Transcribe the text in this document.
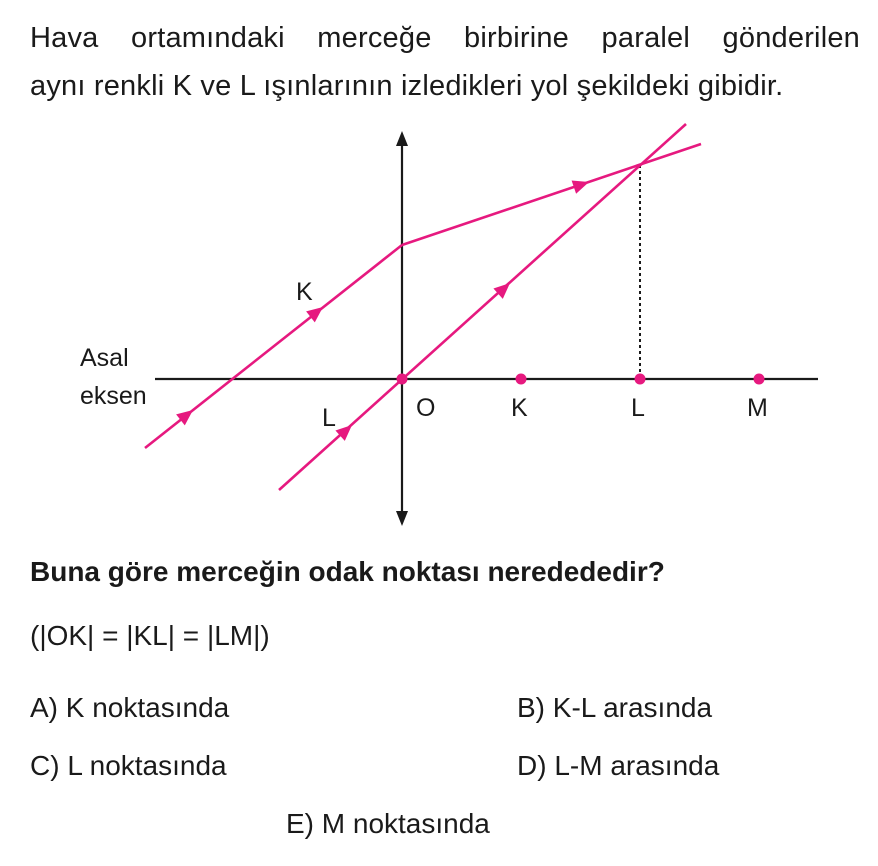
Hava ortamındaki merceğe birbirine paralel gönderilen
aynı renkli K ve L ışınlarının izledikleri yol şekildeki gibidir.
Asal
eksen
K
L	O	K	L	M
Buna göre merceğin odak noktası neredededir?
(|OK| = |KL| = |LM|)
A) K noktasında	B) K-L arasında
C) L noktasında	D) L-M arasında
E) M noktasında
